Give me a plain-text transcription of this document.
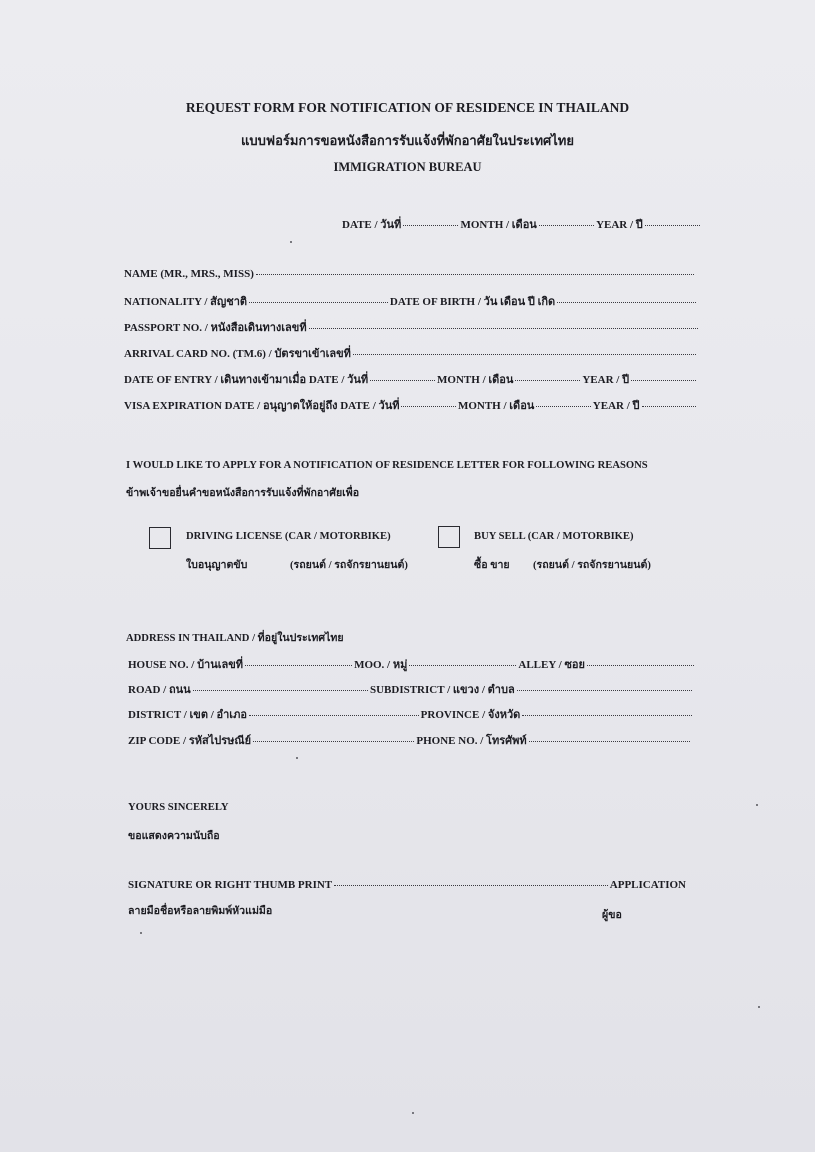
REQUEST FORM FOR NOTIFICATION OF RESIDENCE IN THAILAND
แบบฟอร์มการขอหนังสือการรับแจ้งที่พักอาศัยในประเทศไทย
IMMIGRATION BUREAU
DATE / วันที่	MONTH / เดือน	YEAR / ปี
NAME (MR., MRS., MISS)
NATIONALITY / สัญชาติ	DATE OF BIRTH / วัน เดือน ปี เกิด
PASSPORT NO. / หนังสือเดินทางเลขที่
ARRIVAL CARD NO. (TM.6) / บัตรขาเข้าเลขที่
DATE OF ENTRY / เดินทางเข้ามาเมื่อ DATE / วันที่	MONTH / เดือน	YEAR / ปี
VISA EXPIRATION DATE / อนุญาตให้อยู่ถึง DATE / วันที่	MONTH / เดือน	YEAR / ปี
I WOULD LIKE TO APPLY FOR A NOTIFICATION OF RESIDENCE LETTER FOR FOLLOWING REASONS
ข้าพเจ้าขอยื่นคำขอหนังสือการรับแจ้งที่พักอาศัยเพื่อ
DRIVING LICENSE (CAR / MOTORBIKE)
ใบอนุญาตขับ	(รถยนต์ / รถจักรยานยนต์)
BUY SELL (CAR / MOTORBIKE)
ซื้อ ขาย (รถยนต์ / รถจักรยานยนต์)
ADDRESS IN THAILAND / ที่อยู่ในประเทศไทย
HOUSE NO. / บ้านเลขที่	MOO. / หมู่	ALLEY / ซอย
ROAD / ถนน	SUBDISTRICT / แขวง / ตำบล
DISTRICT / เขต / อำเภอ	PROVINCE / จังหวัด
ZIP CODE / รหัสไปรษณีย์	PHONE NO. / โทรศัพท์
YOURS SINCERELY
ขอแสดงความนับถือ
SIGNATURE OR RIGHT THUMB PRINT	APPLICATION
ลายมือชื่อหรือลายพิมพ์หัวแม่มือ	ผู้ขอ
